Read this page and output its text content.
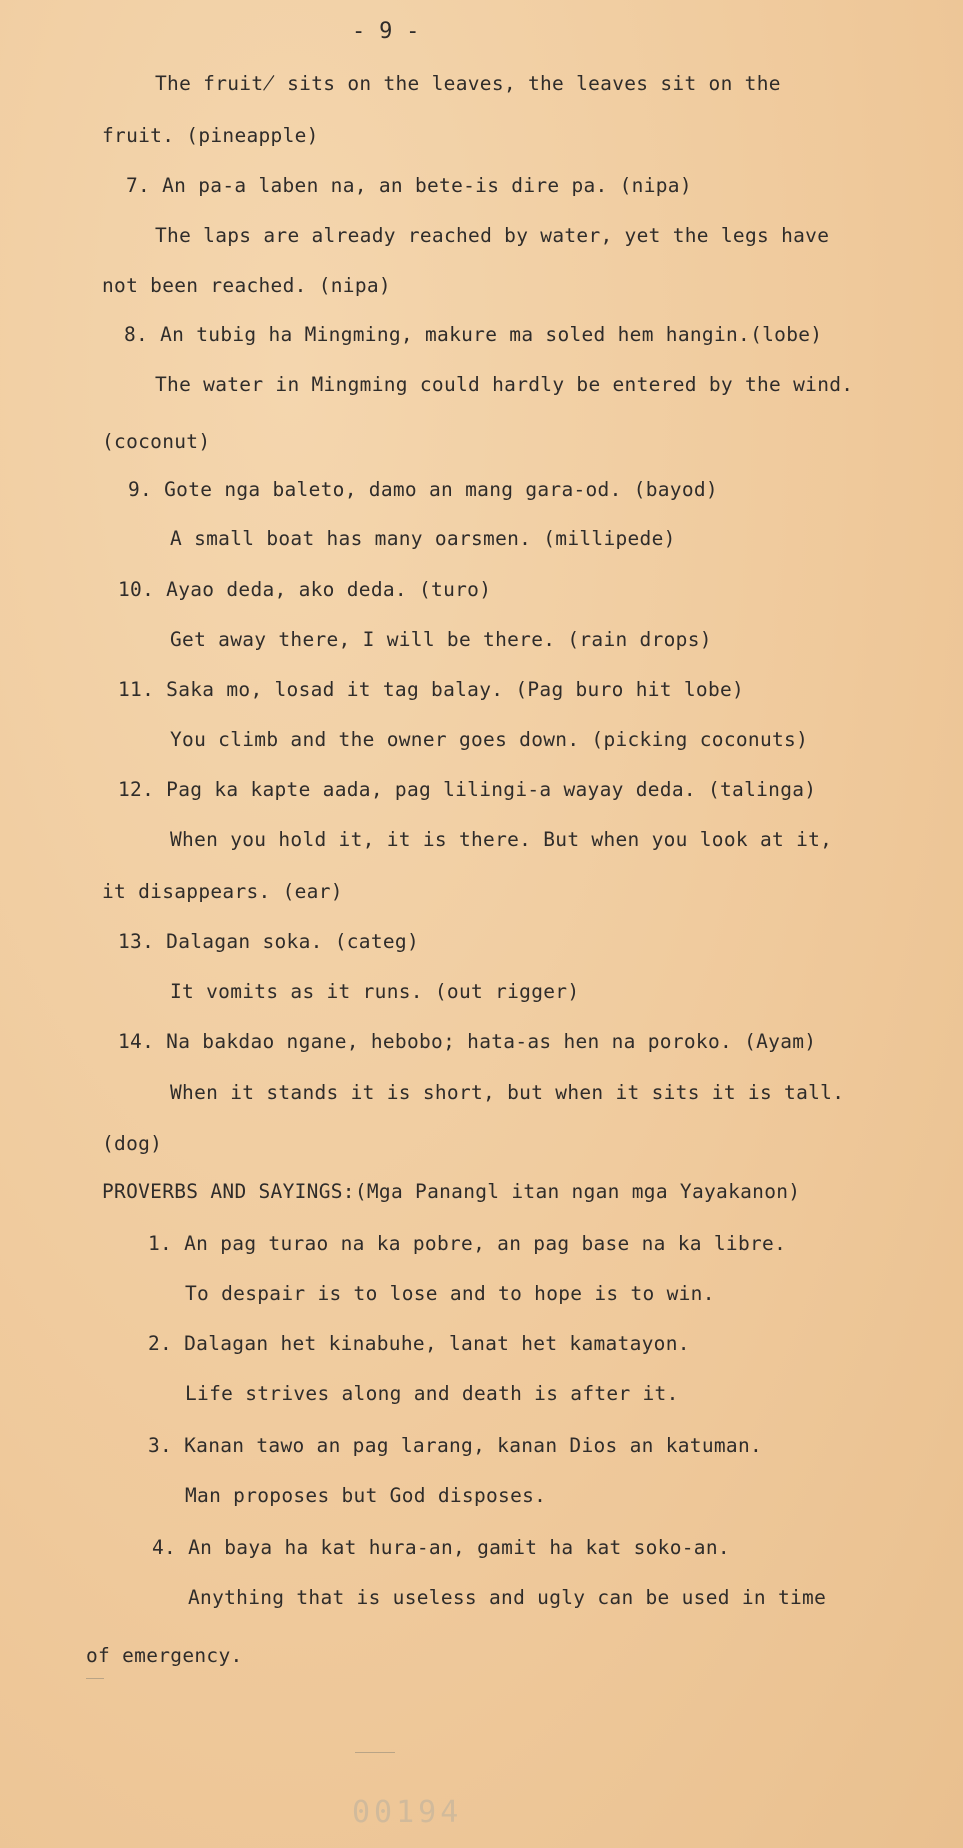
- 9 -
The fruit̸ sits on the leaves, the leaves sit on the
fruit. (pineapple)
7. An pa-a laben na, an bete-is dire pa. (nipa)
The laps are already reached by water, yet the legs have
not been reached. (nipa)
8. An tubig ha Mingming, makure ma soled hem hangin.(lobe)
The water in Mingming could hardly be entered by the wind.
(coconut)
9. Gote nga baleto, damo an mang gara-od. (bayod)
A small boat has many oarsmen. (millipede)
10. Ayao deda, ako deda. (turo)
Get away there, I will be there. (rain drops)
11. Saka mo, losad it tag balay. (Pag buro hit lobe)
You climb and the owner goes down. (picking coconuts)
12. Pag ka kapte aada, pag lilingi-a wayay deda. (talinga)
When you hold it, it is there. But when you look at it,
it disappears. (ear)
13. Dalagan soka. (categ)
It vomits as it runs. (out rigger)
14. Na bakdao ngane, hebobo; hata-as hen na poroko. (Ayam)
When it stands it is short, but when it sits it is tall.
(dog)
PROVERBS AND SAYINGS:(Mga Panangl itan ngan mga Yayakanon)
1. An pag turao na ka pobre, an pag base na ka libre.
To despair is to lose and to hope is to win.
2. Dalagan het kinabuhe, lanat het kamatayon.
Life strives along and death is after it.
3. Kanan tawo an pag larang, kanan Dios an katuman.
Man proposes but God disposes.
4. An baya ha kat hura-an, gamit ha kat soko-an.
Anything that is useless and ugly can be used in time
of emergency.
00194
